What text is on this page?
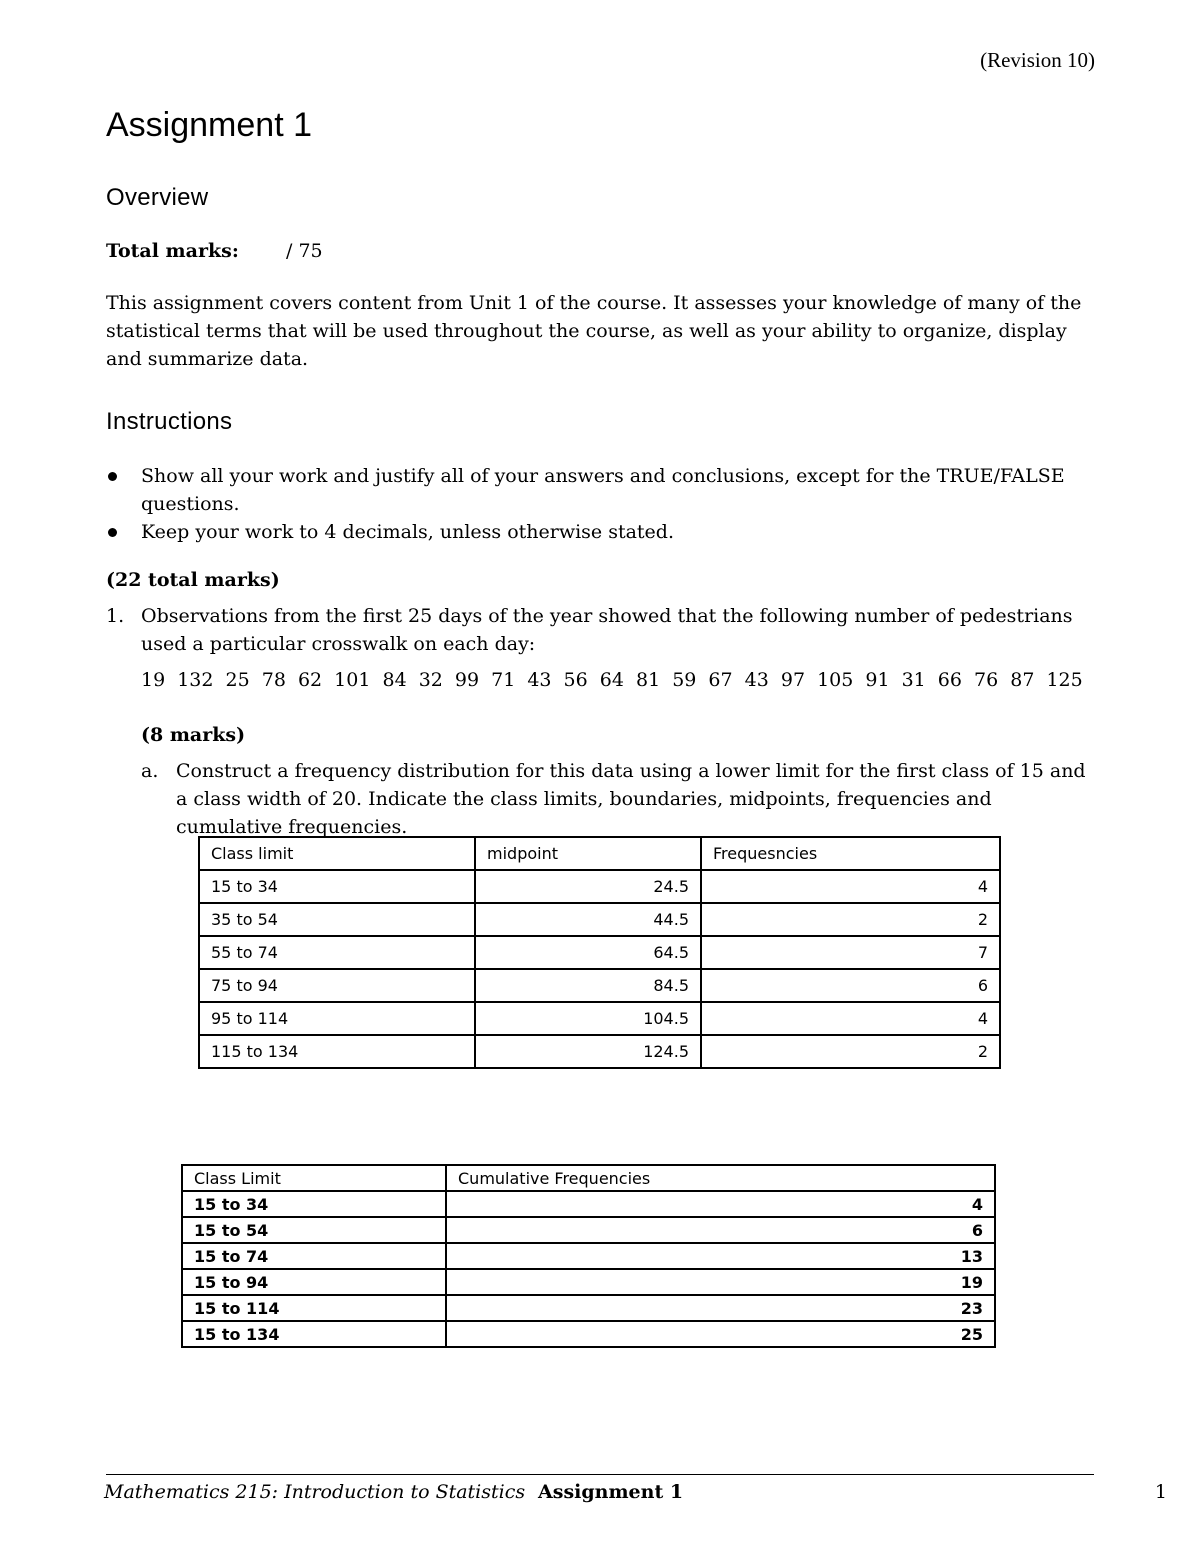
(Revision 10)
Assignment 1
Overview
Total marks: / 75
This assignment covers content from Unit 1 of the course. It assesses your knowledge of many of the statistical terms that will be used throughout the course, as well as your ability to organize, display and summarize data.
Instructions
Show all your work and justify all of your answers and conclusions, except for the TRUE/FALSE questions.
Keep your work to 4 decimals, unless otherwise stated.
(22 total marks)
1. Observations from the first 25 days of the year showed that the following number of pedestrians used a particular crosswalk on each day:
19 132 25 78 62 101 84 32 99 71 43 56 64 81 59 67 43 97 105 91 31 66 76 87 125
(8 marks)
a. Construct a frequency distribution for this data using a lower limit for the first class of 15 and a class width of 20. Indicate the class limits, boundaries, midpoints, frequencies and cumulative frequencies.
Class limit	midpoint	Frequesncies
15 to 34	24.5	4
35 to 54	44.5	2
55 to 74	64.5	7
75 to 94	84.5	6
95 to 114	104.5	4
115 to 134	124.5	2
Class Limit	Cumulative Frequencies
15 to 34	4
15 to 54	6
15 to 74	13
15 to 94	19
15 to 114	23
15 to 134	25
Mathematics 215: Introduction to Statistics Assignment 1	1
